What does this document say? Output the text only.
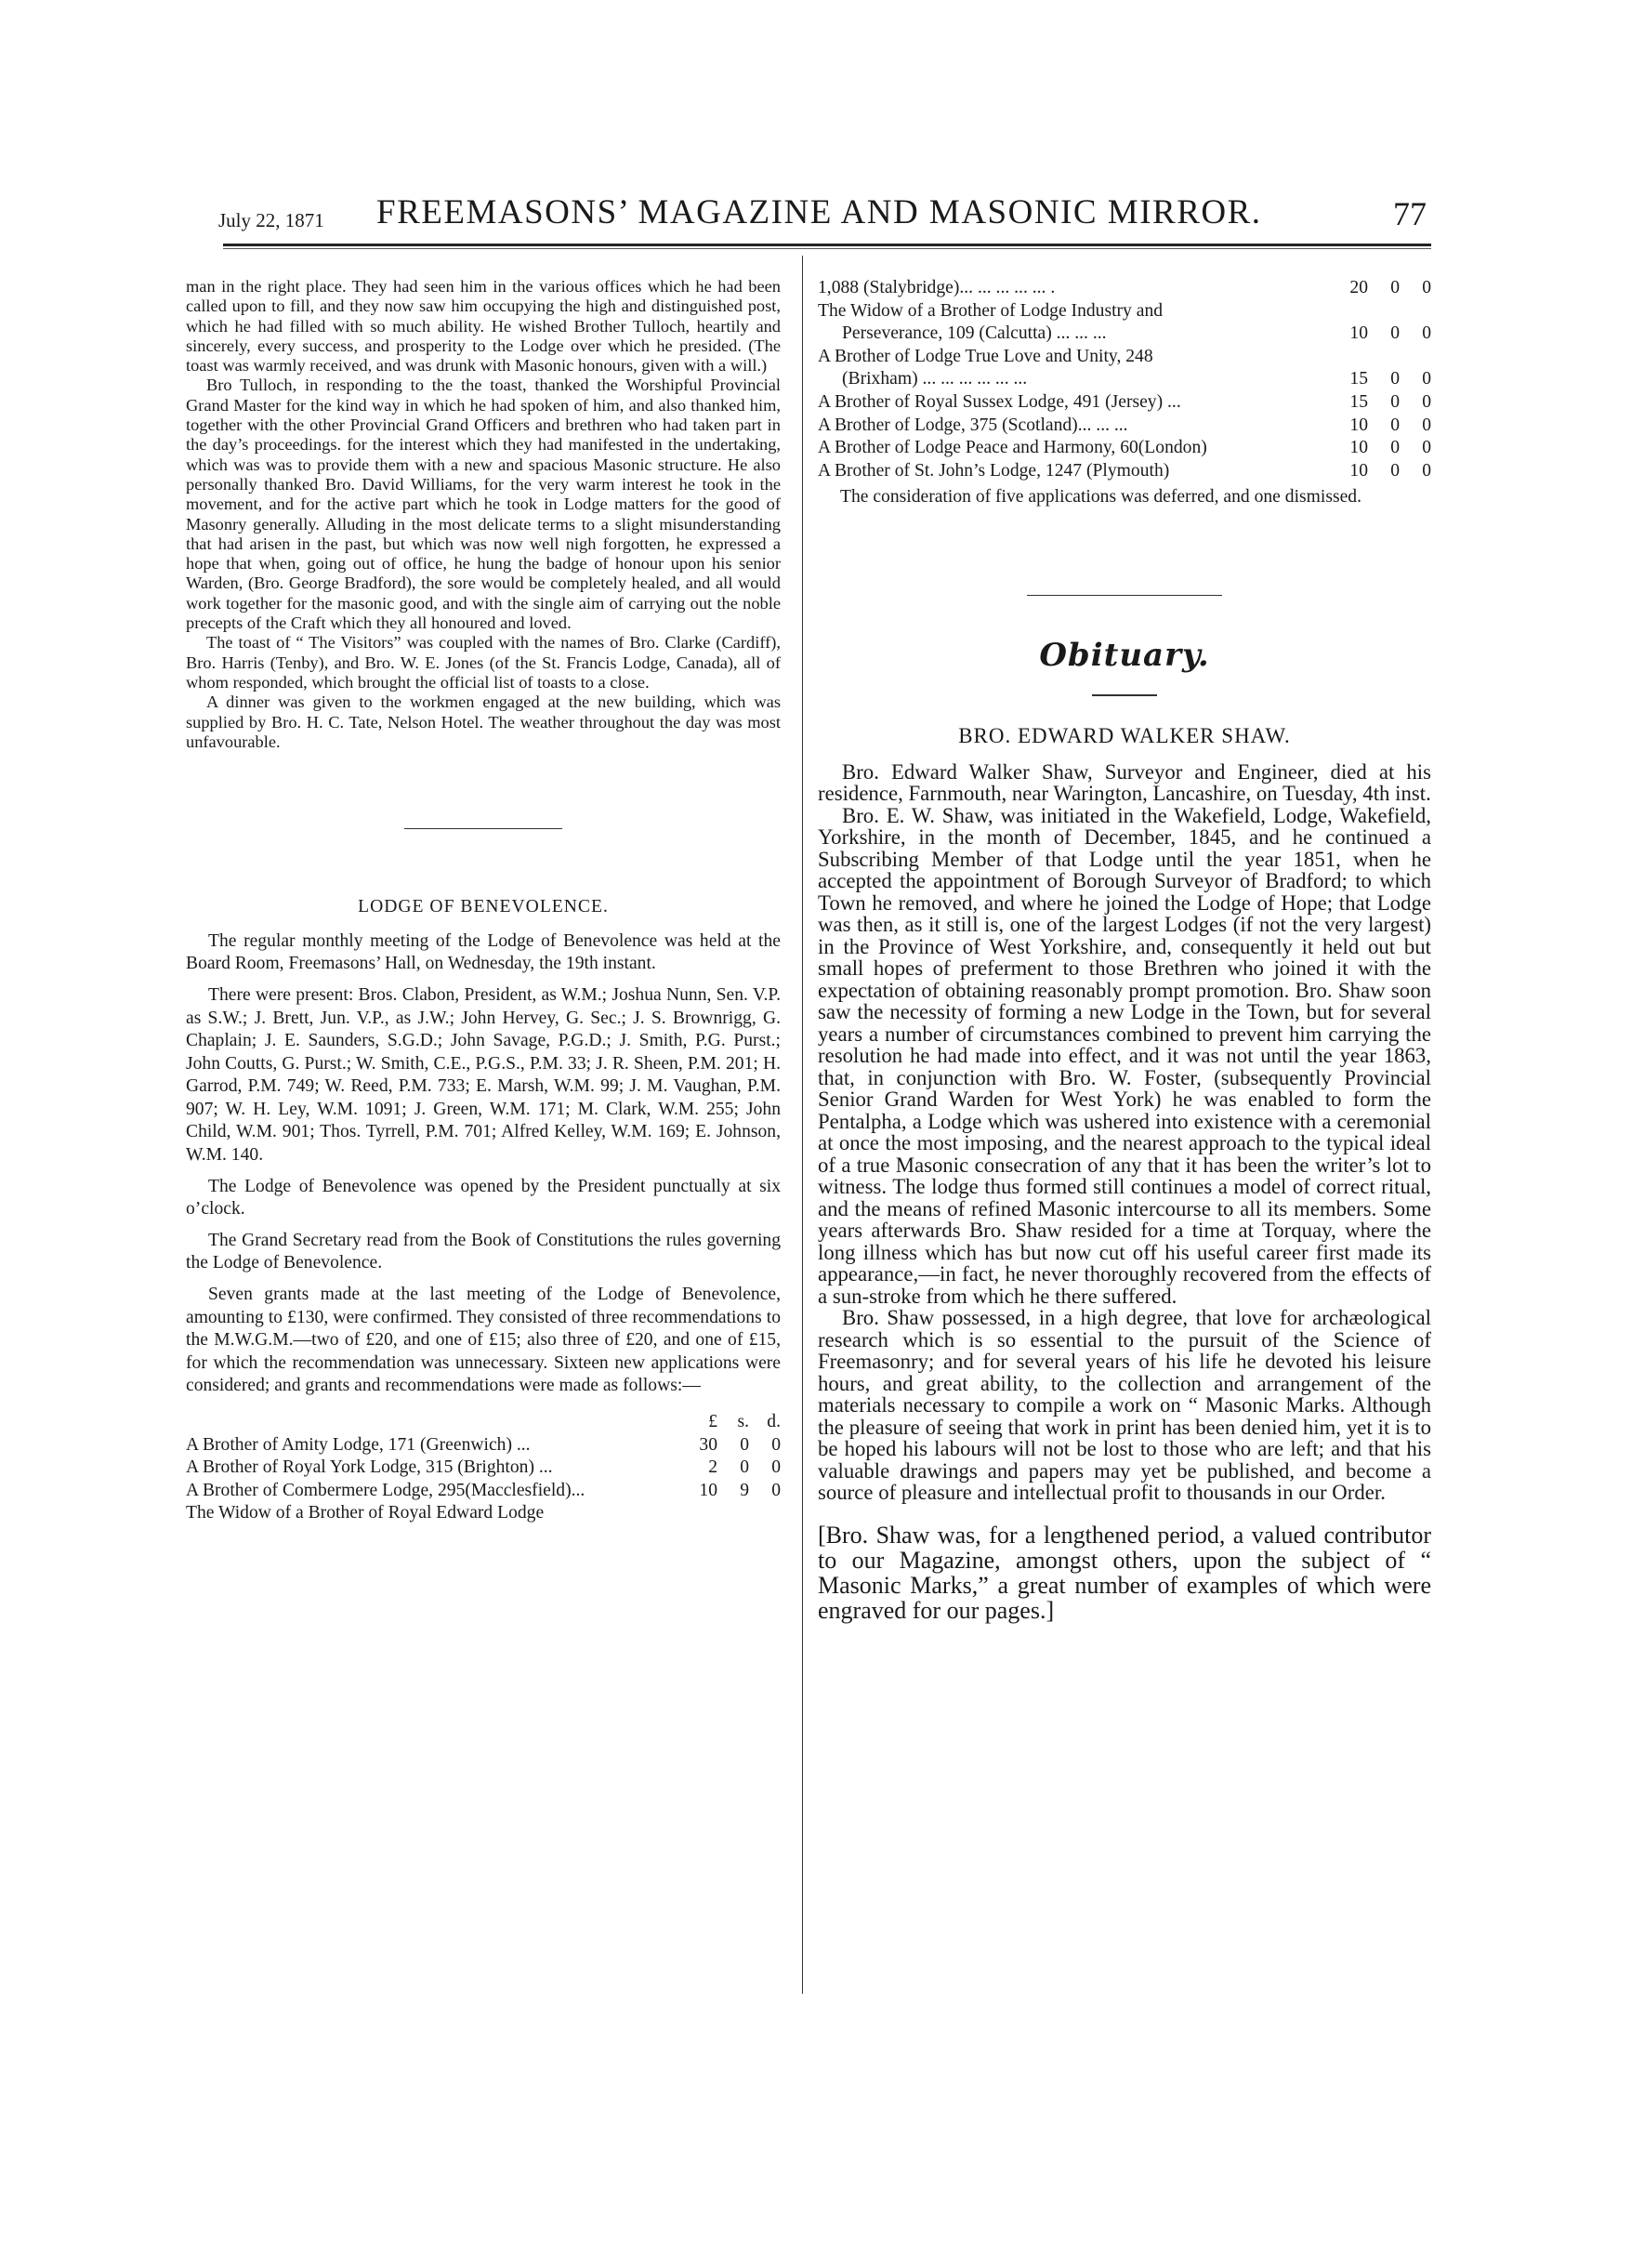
July 22, 1871 FREEMASONS’ MAGAZINE AND MASONIC MIRROR.	77

man in the right place. They had seen him in the various offices which he had been called upon to fill, and they now saw him occupying the high and distinguished post, which he had filled with so much ability. He wished Brother Tulloch, heartily and sincerely, every success, and prosperity to the Lodge over which he presided. (The toast was warmly received, and was drunk with Masonic honours, given with a will.)

Bro Tulloch, in responding to the the toast, thanked the Worshipful Provincial Grand Master for the kind way in which he had spoken of him, and also thanked him, together with the other Provincial Grand Officers and brethren who had taken part in the day’s proceedings. for the interest which they had manifested in the undertaking, which was was to provide them with a new and spacious Masonic structure. He also personally thanked Bro. David Williams, for the very warm interest he took in the movement, and for the active part which he took in Lodge matters for the good of Masonry generally. Alluding in the most delicate terms to a slight misunderstanding that had arisen in the past, but which was now well nigh forgotten, he expressed a hope that when, going out of office, he hung the badge of honour upon his senior Warden, (Bro. George Bradford), the sore would be completely healed, and all would work together for the masonic good, and with the single aim of carrying out the noble precepts of the Craft which they all honoured and loved.

The toast of “ The Visitors” was coupled with the names of Bro. Clarke (Cardiff), Bro. Harris (Tenby), and Bro. W. E. Jones (of the St. Francis Lodge, Canada), all of whom responded, which brought the official list of toasts to a close.

A dinner was given to the workmen engaged at the new building, which was supplied by Bro. H. C. Tate, Nelson Hotel. The weather throughout the day was most unfavourable.

LODGE OF BENEVOLENCE.

The regular monthly meeting of the Lodge of Benevolence was held at the Board Room, Freemasons’ Hall, on Wednesday, the 19th instant.

There were present: Bros. Clabon, President, as W.M.; Joshua Nunn, Sen. V.P. as S.W.; J. Brett, Jun. V.P., as J.W.; John Hervey, G. Sec.; J. S. Brownrigg, G. Chaplain; J. E. Saunders, S.G.D.; John Savage, P.G.D.; J. Smith, P.G. Purst.; John Coutts, G. Purst.; W. Smith, C.E., P.G.S., P.M. 33; J. R. Sheen, P.M. 201; H. Garrod, P.M. 749; W. Reed, P.M. 733; E. Marsh, W.M. 99; J. M. Vaughan, P.M. 907; W. H. Ley, W.M. 1091; J. Green, W.M. 171; M. Clark, W.M. 255; John Child, W.M. 901; Thos. Tyrrell, P.M. 701; Alfred Kelley, W.M. 169; E. Johnson, W.M. 140.

The Lodge of Benevolence was opened by the President punctually at six o’clock.

The Grand Secretary read from the Book of Constitutions the rules governing the Lodge of Benevolence.

Seven grants made at the last meeting of the Lodge of Benevolence, amounting to £130, were confirmed. They consisted of three recommendations to the M.W.G.M.—two of £20, and one of £15; also three of £20, and one of £15, for which the recommendation was unnecessary. Sixteen new applications were considered; and grants and recommendations were made as follows:—

	£	s.	d.
A Brother of Amity Lodge, 171 (Greenwich) ...	30	0	0
A Brother of Royal York Lodge, 315 (Brighton) ...	2	0	0
A Brother of Combermere Lodge, 295(Macclesfield)...	10	9	0
The Widow of a Brother of Royal Edward Lodge			
1,088 (Stalybridge)... ... ... ... ... .	20	0	0
The Widow of a Brother of Lodge Industry and			
Perseverance, 109 (Calcutta) ... ... ...	10	0	0
A Brother of Lodge True Love and Unity, 248			
(Brixham) ... ... ... ... ... ...	15	0	0
A Brother of Royal Sussex Lodge, 491 (Jersey) ...	15	0	0
A Brother of Lodge, 375 (Scotland)... ... ...	10	0	0
A Brother of Lodge Peace and Harmony, 60(London)	10	0	0
A Brother of St. John’s Lodge, 1247 (Plymouth)	10	0	0

The consideration of five applications was deferred, and one dismissed.

Obituary.
BRO. EDWARD WALKER SHAW.

Bro. Edward Walker Shaw, Surveyor and Engineer, died at his residence, Farnmouth, near Warington, Lancashire, on Tuesday, 4th inst.

Bro. E. W. Shaw, was initiated in the Wakefield, Lodge, Wakefield, Yorkshire, in the month of December, 1845, and he continued a Subscribing Member of that Lodge until the year 1851, when he accepted the appointment of Borough Surveyor of Bradford; to which Town he removed, and where he joined the Lodge of Hope; that Lodge was then, as it still is, one of the largest Lodges (if not the very largest) in the Province of West Yorkshire, and, consequently it held out but small hopes of preferment to those Brethren who joined it with the expectation of obtaining reasonably prompt promotion. Bro. Shaw soon saw the necessity of forming a new Lodge in the Town, but for several years a number of circumstances combined to prevent him carrying the resolution he had made into effect, and it was not until the year 1863, that, in conjunction with Bro. W. Foster, (subsequently Provincial Senior Grand Warden for West York) he was enabled to form the Pentalpha, a Lodge which was ushered into existence with a ceremonial at once the most imposing, and the nearest approach to the typical ideal of a true Masonic consecration of any that it has been the writer’s lot to witness. The lodge thus formed still continues a model of correct ritual, and the means of refined Masonic intercourse to all its members. Some years afterwards Bro. Shaw resided for a time at Torquay, where the long illness which has but now cut off his useful career first made its appearance,—in fact, he never thoroughly recovered from the effects of a sun-stroke from which he there suffered.

Bro. Shaw possessed, in a high degree, that love for archæological research which is so essential to the pursuit of the Science of Freemasonry; and for several years of his life he devoted his leisure hours, and great ability, to the collection and arrangement of the materials necessary to compile a work on “ Masonic Marks. Although the pleasure of seeing that work in print has been denied him, yet it is to be hoped his labours will not be lost to those who are left; and that his valuable drawings and papers may yet be published, and become a source of pleasure and intellectual profit to thousands in our Order.

[Bro. Shaw was, for a lengthened period, a valued contributor to our Magazine, amongst others, upon the subject of “ Masonic Marks,” a great number of examples of which were engraved for our pages.]
